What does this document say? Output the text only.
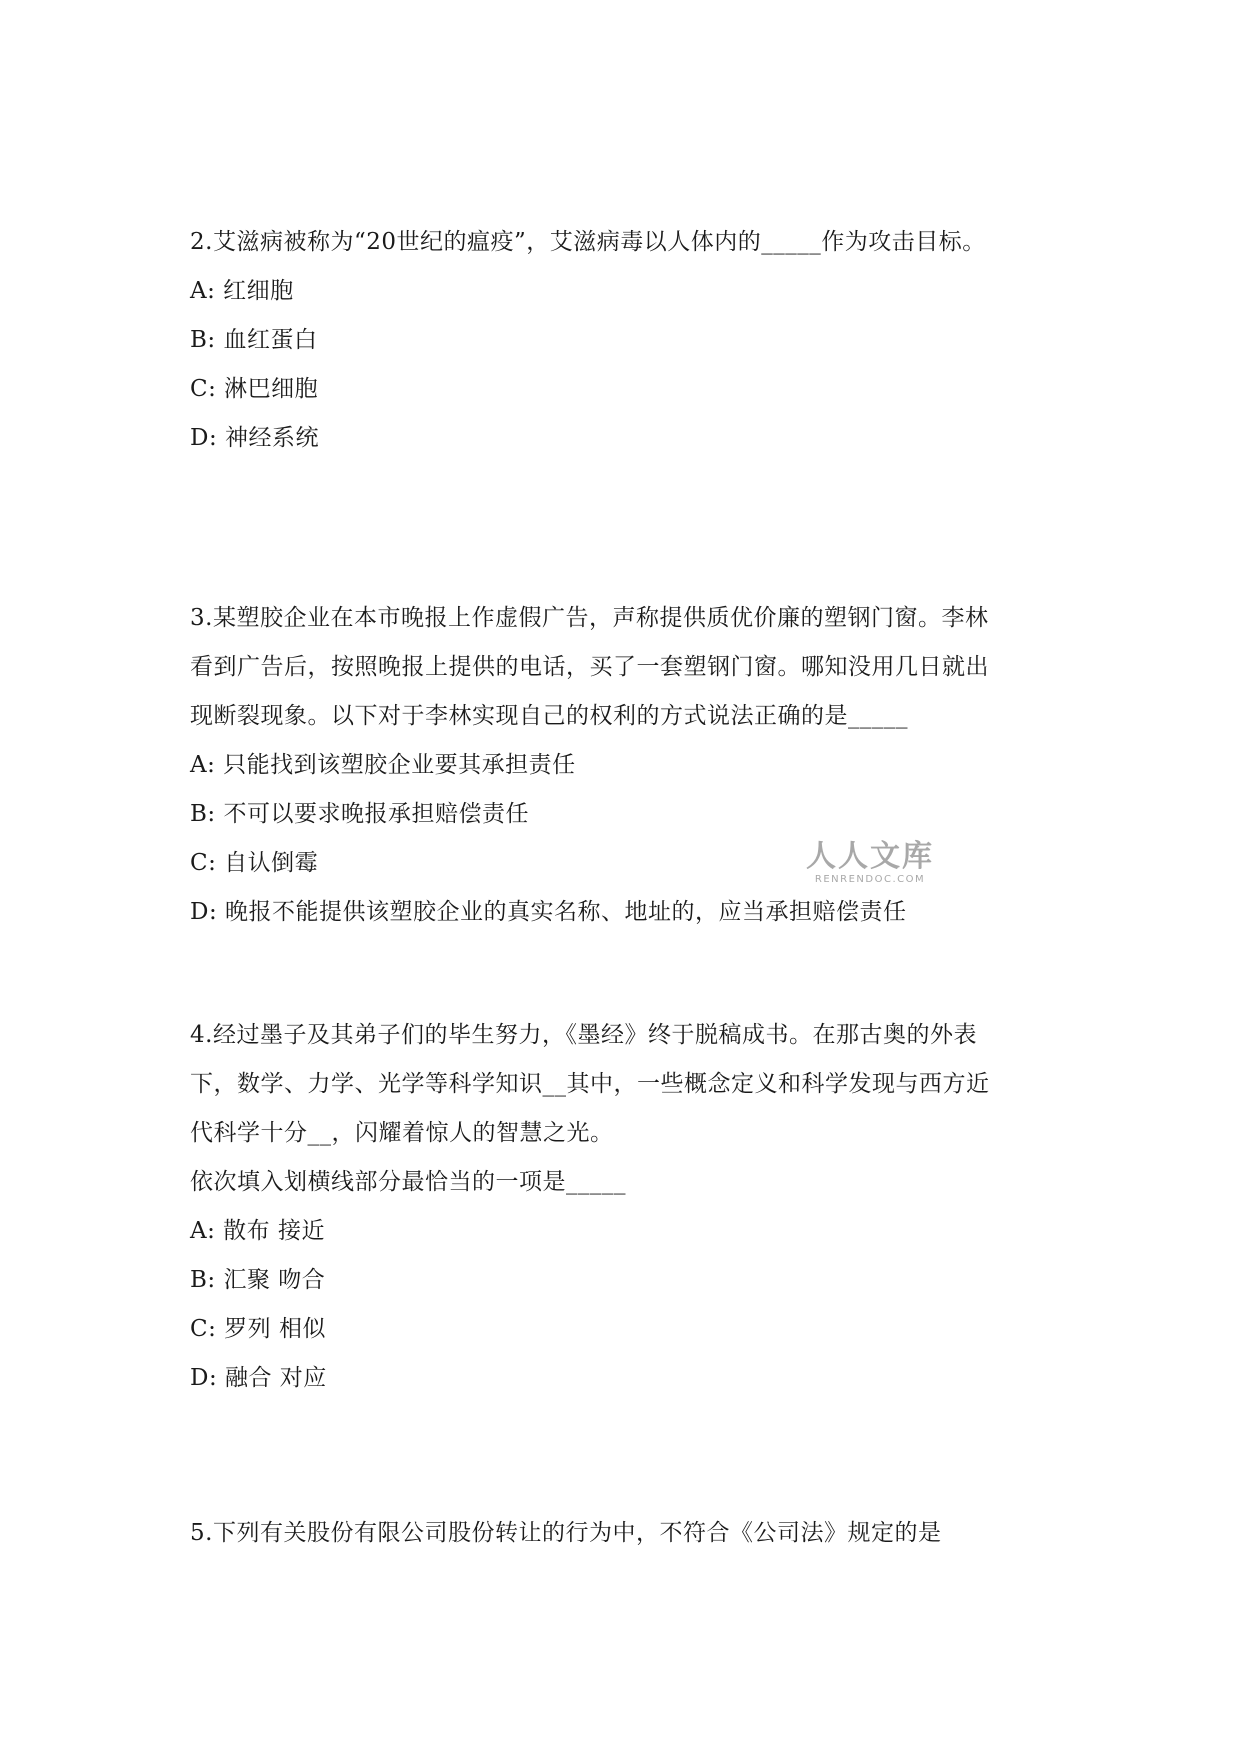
2.艾滋病被称为“20世纪的瘟疫”，艾滋病毒以人体内的_____作为攻击目标。
A: 红细胞
B: 血红蛋白
C: 淋巴细胞
D: 神经系统
3.某塑胶企业在本市晚报上作虚假广告，声称提供质优价廉的塑钢门窗。李林
看到广告后，按照晚报上提供的电话，买了一套塑钢门窗。哪知没用几日就出
现断裂现象。以下对于李林实现自己的权利的方式说法正确的是_____
A: 只能找到该塑胶企业要其承担责任
B: 不可以要求晚报承担赔偿责任
C: 自认倒霉
D: 晚报不能提供该塑胶企业的真实名称、地址的，应当承担赔偿责任
4.经过墨子及其弟子们的毕生努力，《墨经》终于脱稿成书。在那古奥的外表
下，数学、力学、光学等科学知识__其中，一些概念定义和科学发现与西方近
代科学十分__，闪耀着惊人的智慧之光。
依次填入划横线部分最恰当的一项是_____
A: 散布 接近
B: 汇聚 吻合
C: 罗列 相似
D: 融合 对应
5.下列有关股份有限公司股份转让的行为中，不符合《公司法》规定的是
人人文库
RENRENDOC.COM
